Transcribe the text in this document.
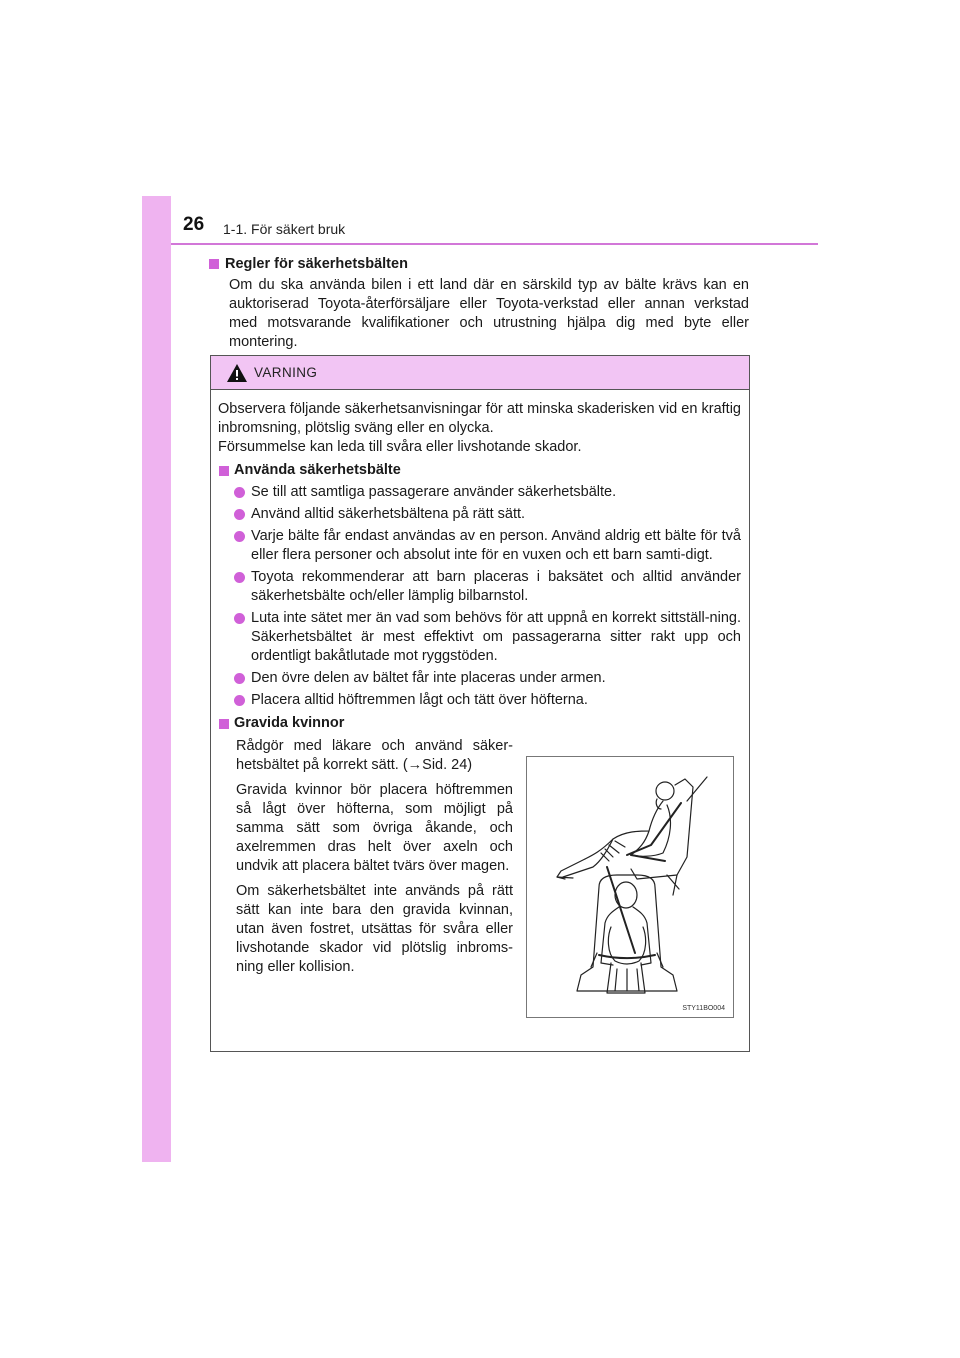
26 1-1. För säkert bruk
Regler för säkerhetsbälten
Om du ska använda bilen i ett land där en särskild typ av bälte krävs kan en auktoriserad Toyota-återförsäljare eller Toyota-verkstad eller annan verkstad med motsvarande kvalifikationer och utrustning hjälpa dig med byte eller montering.
VARNING

Observera följande säkerhetsanvisningar för att minska skaderisken vid en kraftig inbromsning, plötslig sväng eller en olycka.

Försummelse kan leda till svåra eller livshotande skador.

Använda säkerhetsbälte
Se till att samtliga passagerare använder säkerhetsbälte.
Använd alltid säkerhetsbältena på rätt sätt.
Varje bälte får endast användas av en person. Använd aldrig ett bälte för två eller flera personer och absolut inte för en vuxen och ett barn samti-digt.
Toyota rekommenderar att barn placeras i baksätet och alltid använder säkerhetsbälte och/eller lämplig bilbarnstol.
Luta inte sätet mer än vad som behövs för att uppnå en korrekt sittställ-ning. Säkerhetsbältet är mest effektivt om passagerarna sitter rakt upp och ordentligt bakåtlutade mot ryggstöden.
Den övre delen av bältet får inte placeras under armen.
Placera alltid höftremmen lågt och tätt över höfterna.
Gravida kvinnor

Rådgör med läkare och använd säker-hetsbältet på korrekt sätt. (→Sid. 24)

Gravida kvinnor bör placera höftremmen så lågt över höfterna, som möjligt på samma sätt som övriga åkande, och axelremmen dras helt över axeln och undvik att placera bältet tvärs över magen.

Om säkerhetsbältet inte används på rätt sätt kan inte bara den gravida kvinnan, utan även fostret, utsättas för svåra eller livshotande skador vid plötslig inbroms-ning eller kollision.

STY11BO004
